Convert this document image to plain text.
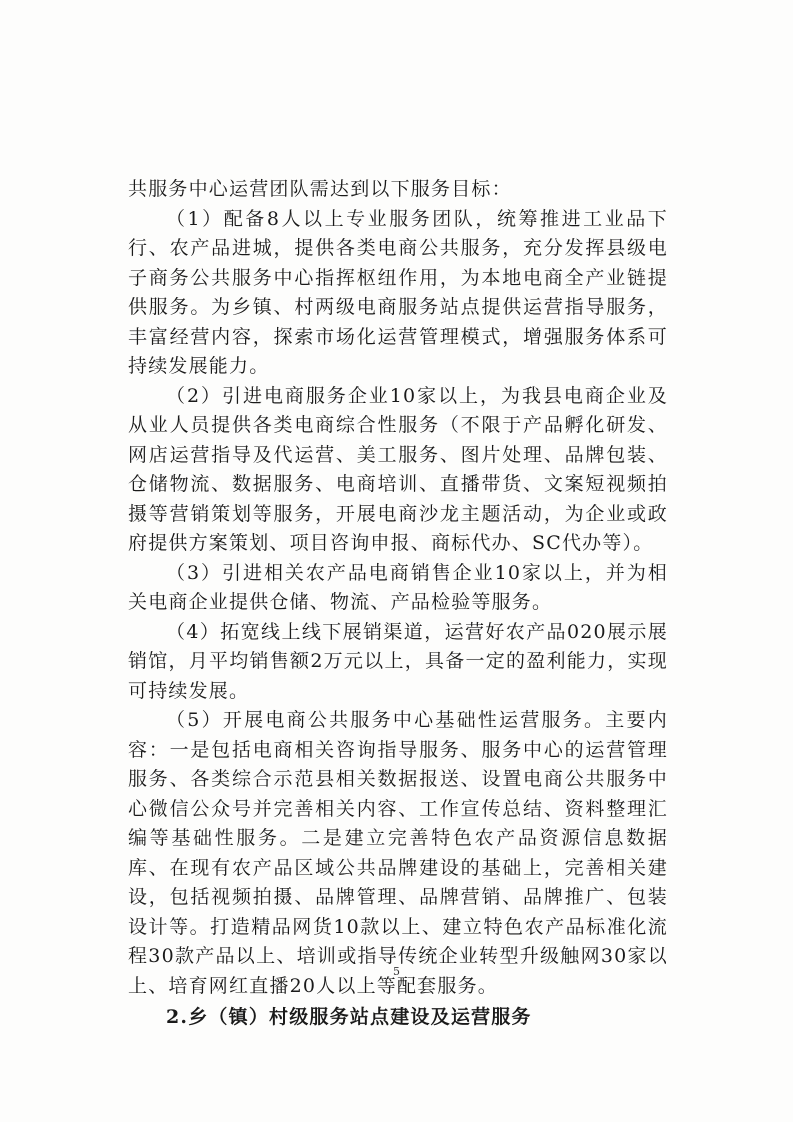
共服务中心运营团队需达到以下服务目标：

（1）配备8人以上专业服务团队，统筹推进工业品下行、农产品进城，提供各类电商公共服务，充分发挥县级电子商务公共服务中心指挥枢纽作用，为本地电商全产业链提供服务。为乡镇、村两级电商服务站点提供运营指导服务，丰富经营内容，探索市场化运营管理模式，增强服务体系可持续发展能力。

（2）引进电商服务企业10家以上，为我县电商企业及从业人员提供各类电商综合性服务（不限于产品孵化研发、网店运营指导及代运营、美工服务、图片处理、品牌包装、仓储物流、数据服务、电商培训、直播带货、文案短视频拍摄等营销策划等服务，开展电商沙龙主题活动，为企业或政府提供方案策划、项目咨询申报、商标代办、SC代办等）。

（3）引进相关农产品电商销售企业10家以上，并为相关电商企业提供仓储、物流、产品检验等服务。

（4）拓宽线上线下展销渠道，运营好农产品020展示展销馆，月平均销售额2万元以上，具备一定的盈利能力，实现可持续发展。

（5）开展电商公共服务中心基础性运营服务。主要内容：一是包括电商相关咨询指导服务、服务中心的运营管理服务、各类综合示范县相关数据报送、设置电商公共服务中心微信公众号并完善相关内容、工作宣传总结、资料整理汇编等基础性服务。二是建立完善特色农产品资源信息数据库、在现有农产品区域公共品牌建设的基础上，完善相关建设，包括视频拍摄、品牌管理、品牌营销、品牌推广、包装设计等。打造精品网货10款以上、建立特色农产品标准化流程30款产品以上、培训或指导传统企业转型升级触网30家以上、培育网红直播20人以上等配套服务。

2.乡（镇）村级服务站点建设及运营服务

5
